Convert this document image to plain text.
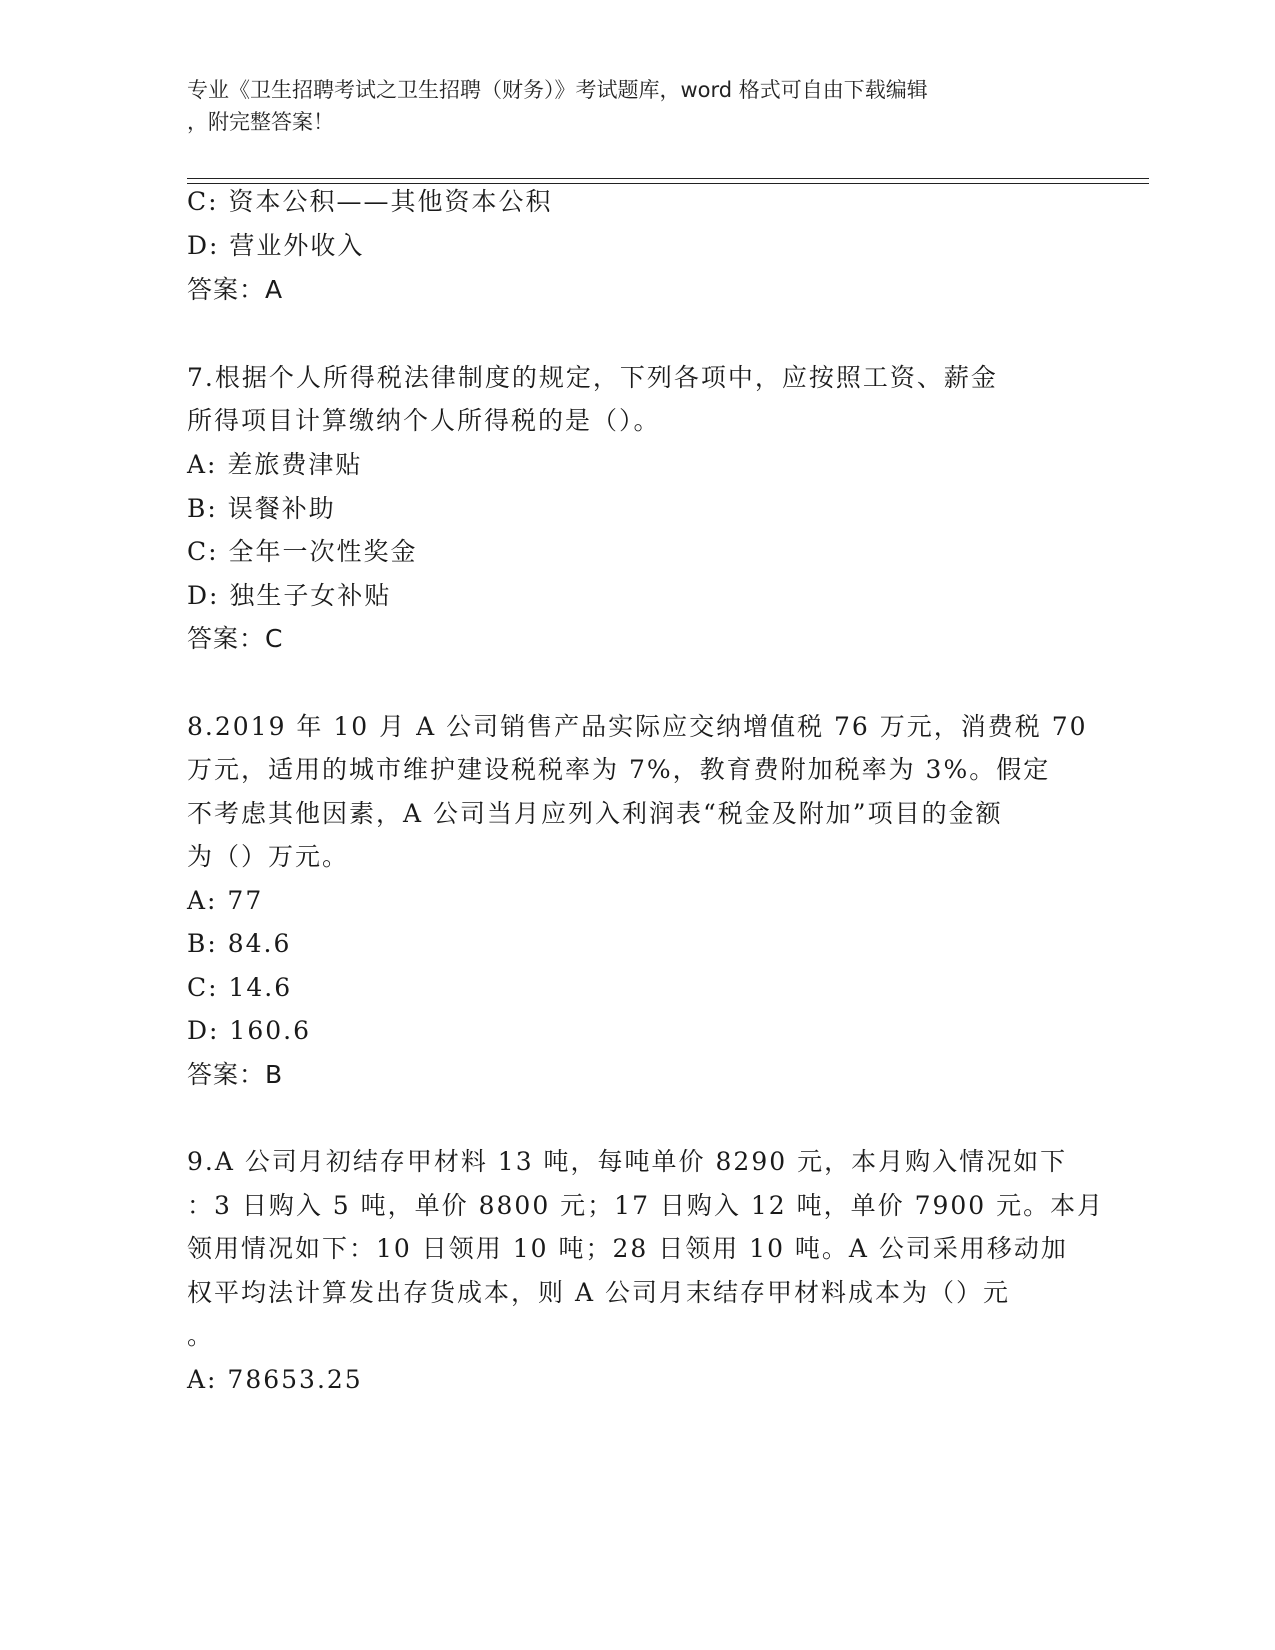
专业《卫生招聘考试之卫生招聘（财务）》考试题库，word 格式可自由下载编辑
，附完整答案！
C: 资本公积——其他资本公积
D: 营业外收入
答案：A
7.根据个人所得税法律制度的规定，下列各项中，应按照工资、薪金
所得项目计算缴纳个人所得税的是（）。
A: 差旅费津贴
B: 误餐补助
C: 全年一次性奖金
D: 独生子女补贴
答案：C
8.2019 年 10 月 A 公司销售产品实际应交纳增值税 76 万元，消费税 70
万元，适用的城市维护建设税税率为 7%，教育费附加税率为 3%。假定
不考虑其他因素，A 公司当月应列入利润表“税金及附加”项目的金额
为（）万元。
A: 77
B: 84.6
C: 14.6
D: 160.6
答案：B
9.A 公司月初结存甲材料 13 吨，每吨单价 8290 元，本月购入情况如下
：3 日购入 5 吨，单价 8800 元；17 日购入 12 吨，单价 7900 元。本月
领用情况如下：10 日领用 10 吨；28 日领用 10 吨。A 公司采用移动加
权平均法计算发出存货成本，则 A 公司月末结存甲材料成本为（）元
。
A: 78653.25
